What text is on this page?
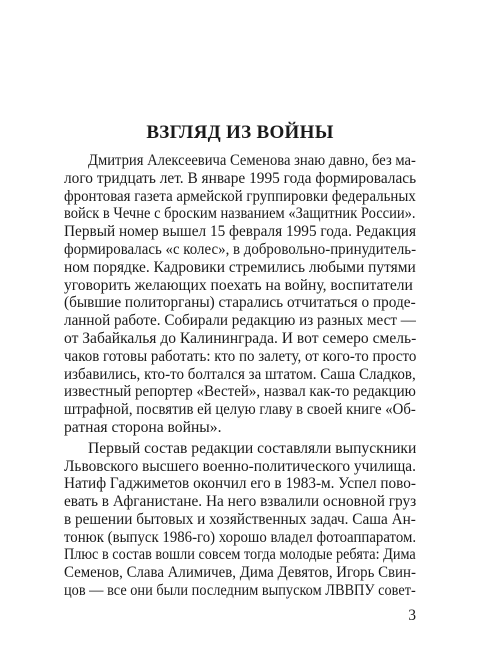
ВЗГЛЯД ИЗ ВОЙНЫ
Дмитрия Алексеевича Семенова знаю давно, без ма-
лого тридцать лет. В январе 1995 года формировалась
фронтовая газета армейской группировки федеральных
войск в Чечне с броским названием «Защитник России».
Первый номер вышел 15 февраля 1995 года. Редакция
формировалась «с колес», в добровольно-принудитель-
ном порядке. Кадровики стремились любыми путями
уговорить желающих поехать на войну, воспитатели
(бывшие политорганы) старались отчитаться о проде-
ланной работе. Собирали редакцию из разных мест —
от Забайкалья до Калининграда. И вот семеро смель-
чаков готовы работать: кто по залету, от кого-то просто
избавились, кто-то болтался за штатом. Саша Сладков,
известный репортер «Вестей», назвал как-то редакцию
штрафной, посвятив ей целую главу в своей книге «Об-
ратная сторона войны».
Первый состав редакции составляли выпускники
Львовского высшего военно-политического училища.
Натиф Гаджиметов окончил его в 1983-м. Успел пово-
евать в Афганистане. На него взвалили основной груз
в решении бытовых и хозяйственных задач. Саша Ан-
тонюк (выпуск 1986-го) хорошо владел фотоаппаратом.
Плюс в состав вошли совсем тогда молодые ребята: Дима
Семенов, Слава Алимичев, Дима Девятов, Игорь Свин-
цов — все они были последним выпуском ЛВВПУ совет-
3
